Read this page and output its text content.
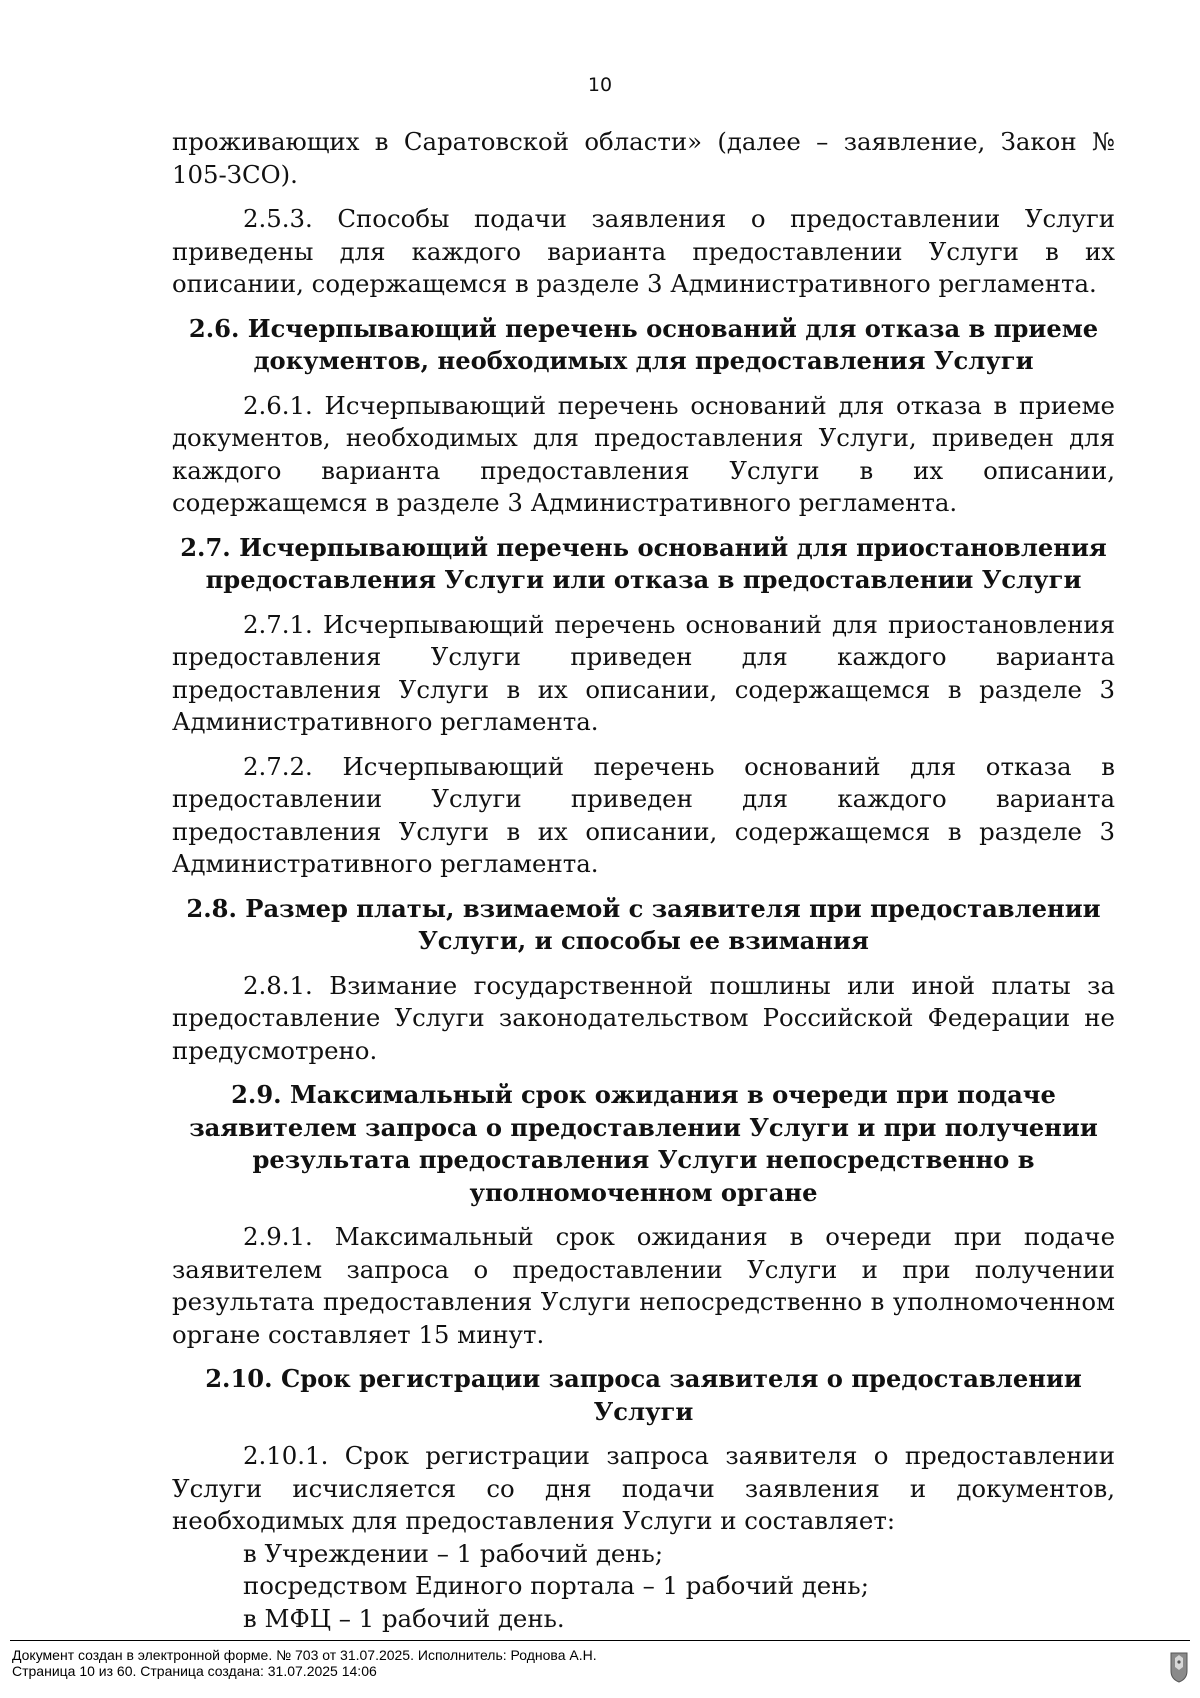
10

проживающих в Саратовской области» (далее – заявление, Закон № 105-ЗСО).

2.5.3. Способы подачи заявления о предоставлении Услуги приведены для каждого варианта предоставлении Услуги в их описании, содержащемся в разделе 3 Административного регламента.

2.6. Исчерпывающий перечень оснований для отказа в приеме документов, необходимых для предоставления Услуги

2.6.1. Исчерпывающий перечень оснований для отказа в приеме документов, необходимых для предоставления Услуги, приведен для каждого варианта предоставления Услуги в их описании, содержащемся в разделе 3 Административного регламента.

2.7. Исчерпывающий перечень оснований для приостановления предоставления Услуги или отказа в предоставлении Услуги

2.7.1. Исчерпывающий перечень оснований для приостановления предоставления Услуги приведен для каждого варианта предоставления Услуги в их описании, содержащемся в разделе 3 Административного регламента.

2.7.2. Исчерпывающий перечень оснований для отказа в предоставлении Услуги приведен для каждого варианта предоставления Услуги в их описании, содержащемся в разделе 3 Административного регламента.

2.8. Размер платы, взимаемой с заявителя при предоставлении Услуги, и способы ее взимания

2.8.1. Взимание государственной пошлины или иной платы за предоставление Услуги законодательством Российской Федерации не предусмотрено.

2.9. Максимальный срок ожидания в очереди при подаче заявителем запроса о предоставлении Услуги и при получении результата предоставления Услуги непосредственно в уполномоченном органе

2.9.1. Максимальный срок ожидания в очереди при подаче заявителем запроса о предоставлении Услуги и при получении результата предоставления Услуги непосредственно в уполномоченном органе составляет 15 минут.

2.10. Срок регистрации запроса заявителя о предоставлении Услуги

2.10.1. Срок регистрации запроса заявителя о предоставлении Услуги исчисляется со дня подачи заявления и документов, необходимых для предоставления Услуги и составляет:

в Учреждении – 1 рабочий день;

посредством Единого портала – 1 рабочий день;

в МФЦ – 1 рабочий день.

Документ создан в электронной форме. № 703 от 31.07.2025. Исполнитель: Роднова А.Н.
Страница 10 из 60. Страница создана: 31.07.2025 14:06
